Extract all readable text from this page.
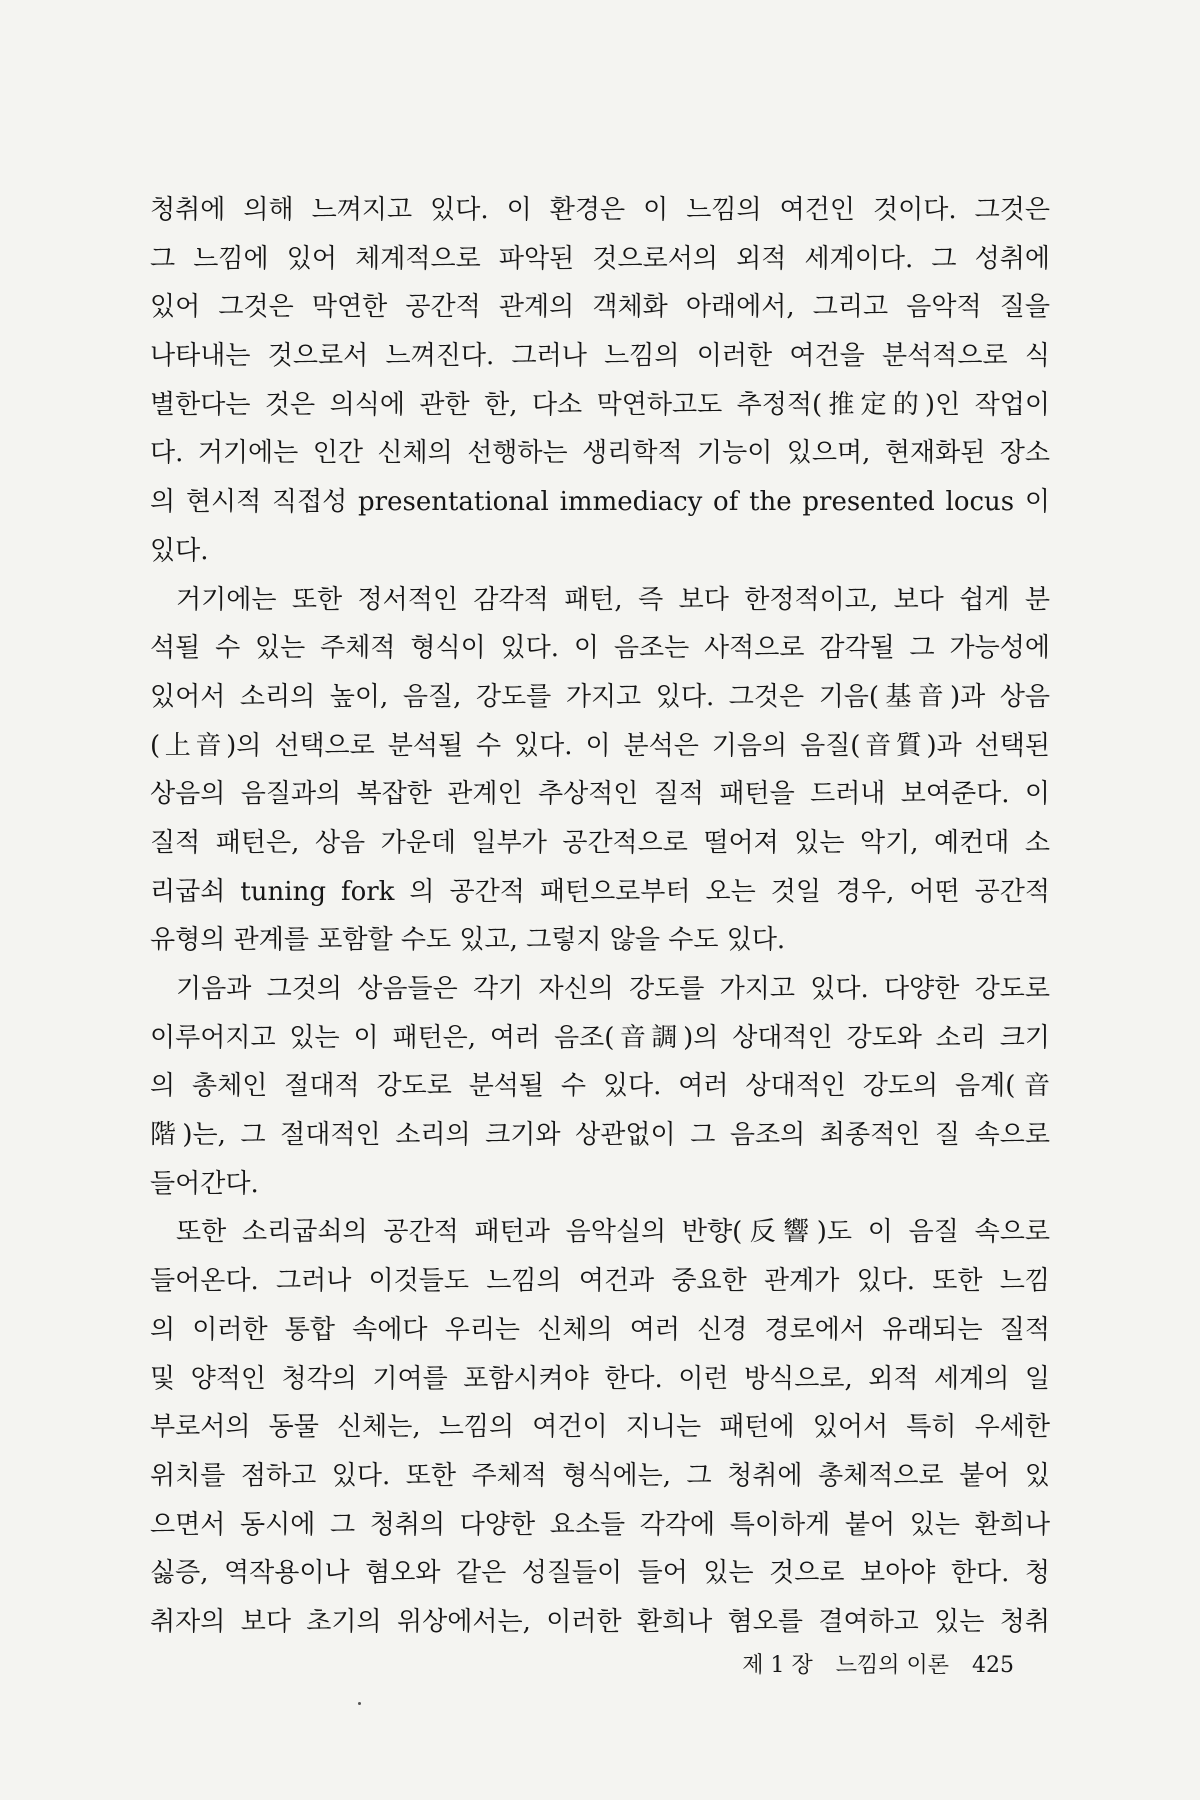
청취에 의해 느껴지고 있다. 이 환경은 이 느낌의 여건인 것이다. 그것은
그 느낌에 있어 체계적으로 파악된 것으로서의 외적 세계이다. 그 성취에
있어 그것은 막연한 공간적 관계의 객체화 아래에서, 그리고 음악적 질을
나타내는 것으로서 느껴진다. 그러나 느낌의 이러한 여건을 분석적으로 식
별한다는 것은 의식에 관한 한, 다소 막연하고도 추정적(推定的)인 작업이
다. 거기에는 인간 신체의 선행하는 생리학적 기능이 있으며, 현재화된 장소
의 현시적 직접성 presentational immediacy of the presented locus 이
있다.
거기에는 또한 정서적인 감각적 패턴, 즉 보다 한정적이고, 보다 쉽게 분
석될 수 있는 주체적 형식이 있다. 이 음조는 사적으로 감각될 그 가능성에
있어서 소리의 높이, 음질, 강도를 가지고 있다. 그것은 기음(基音)과 상음
(上音)의 선택으로 분석될 수 있다. 이 분석은 기음의 음질(音質)과 선택된
상음의 음질과의 복잡한 관계인 추상적인 질적 패턴을 드러내 보여준다. 이
질적 패턴은, 상음 가운데 일부가 공간적으로 떨어져 있는 악기, 예컨대 소
리굽쇠 tuning fork 의 공간적 패턴으로부터 오는 것일 경우, 어떤 공간적
유형의 관계를 포함할 수도 있고, 그렇지 않을 수도 있다.
기음과 그것의 상음들은 각기 자신의 강도를 가지고 있다. 다양한 강도로
이루어지고 있는 이 패턴은, 여러 음조(音調)의 상대적인 강도와 소리 크기
의 총체인 절대적 강도로 분석될 수 있다. 여러 상대적인 강도의 음계(音
階)는, 그 절대적인 소리의 크기와 상관없이 그 음조의 최종적인 질 속으로
들어간다.
또한 소리굽쇠의 공간적 패턴과 음악실의 반향(反響)도 이 음질 속으로
들어온다. 그러나 이것들도 느낌의 여건과 중요한 관계가 있다. 또한 느낌
의 이러한 통합 속에다 우리는 신체의 여러 신경 경로에서 유래되는 질적
및 양적인 청각의 기여를 포함시켜야 한다. 이런 방식으로, 외적 세계의 일
부로서의 동물 신체는, 느낌의 여건이 지니는 패턴에 있어서 특히 우세한
위치를 점하고 있다. 또한 주체적 형식에는, 그 청취에 총체적으로 붙어 있
으면서 동시에 그 청취의 다양한 요소들 각각에 특이하게 붙어 있는 환희나
싫증, 역작용이나 혐오와 같은 성질들이 들어 있는 것으로 보아야 한다. 청
취자의 보다 초기의 위상에서는, 이러한 환희나 혐오를 결여하고 있는 청취
제 1 장 느낌의 이론 425
